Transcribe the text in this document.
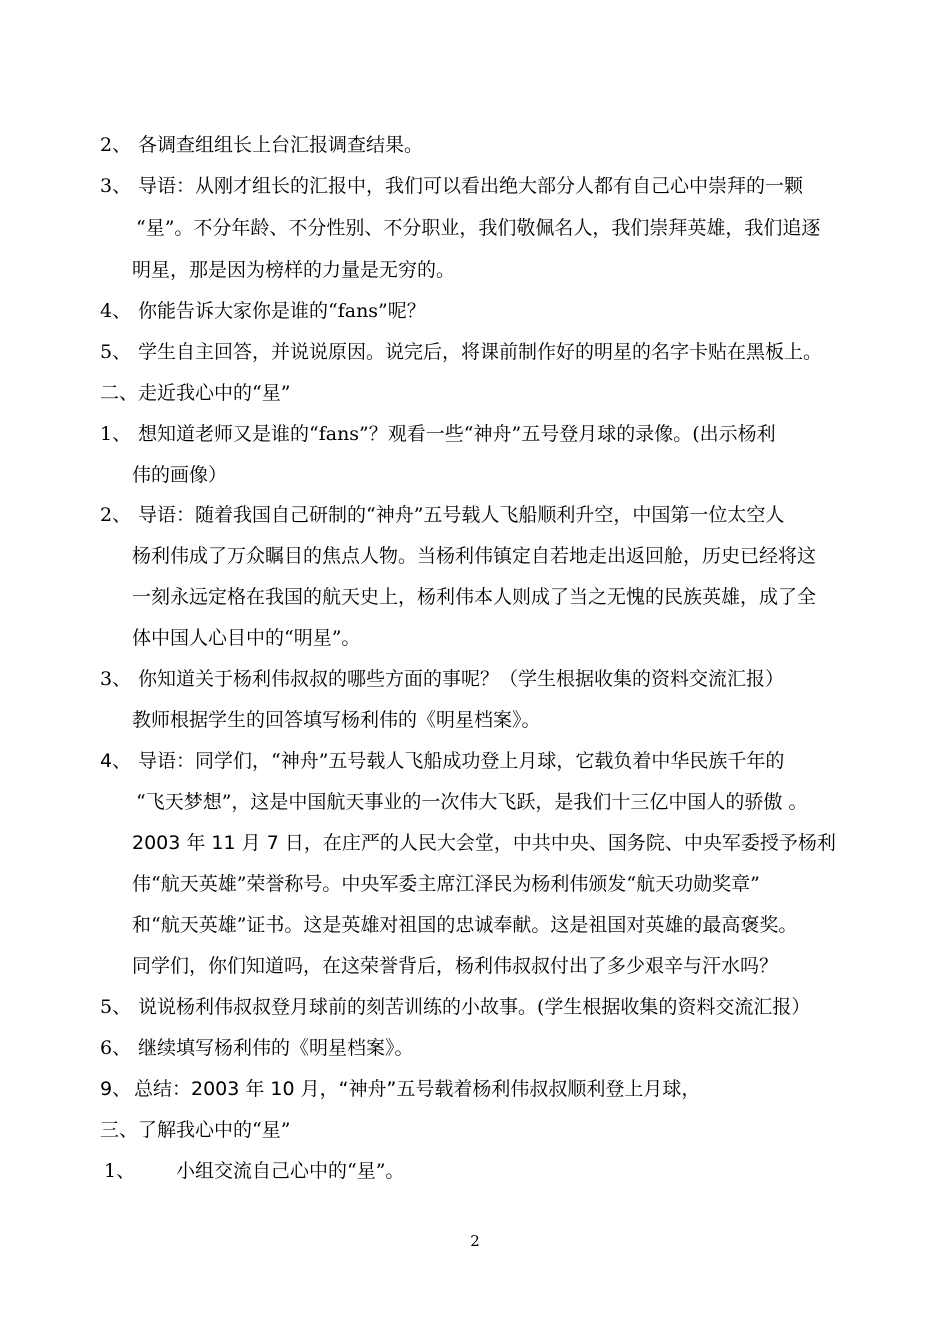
2、 各调查组组长上台汇报调查结果。
3、 导语：从刚才组长的汇报中，我们可以看出绝大部分人都有自己心中崇拜的一颗
“星”。不分年龄、不分性别、不分职业，我们敬佩名人，我们崇拜英雄，我们追逐
明星，那是因为榜样的力量是无穷的。
4、 你能告诉大家你是谁的“fans”呢？
5、 学生自主回答，并说说原因。说完后，将课前制作好的明星的名字卡贴在黑板上。
二、走近我心中的“星”
1、 想知道老师又是谁的“fans”？观看一些“神舟”五号登月球的录像。(出示杨利
伟的画像）
2、 导语：随着我国自己研制的“神舟”五号载人飞船顺利升空，中国第一位太空人
杨利伟成了万众瞩目的焦点人物。当杨利伟镇定自若地走出返回舱，历史已经将这
一刻永远定格在我国的航天史上，杨利伟本人则成了当之无愧的民族英雄，成了全
体中国人心目中的“明星”。
3、 你知道关于杨利伟叔叔的哪些方面的事呢？（学生根据收集的资料交流汇报）
教师根据学生的回答填写杨利伟的《明星档案》。
4、 导语：同学们，“神舟”五号载人飞船成功登上月球，它载负着中华民族千年的
“飞天梦想”，这是中国航天事业的一次伟大飞跃，是我们十三亿中国人的骄傲 。
2003 年 11 月 7 日，在庄严的人民大会堂，中共中央、国务院、中央军委授予杨利
伟“航天英雄”荣誉称号。中央军委主席江泽民为杨利伟颁发“航天功勋奖章”
和“航天英雄”证书。这是英雄对祖国的忠诚奉献。这是祖国对英雄的最高褒奖。
同学们，你们知道吗，在这荣誉背后，杨利伟叔叔付出了多少艰辛与汗水吗？
5、 说说杨利伟叔叔登月球前的刻苦训练的小故事。(学生根据收集的资料交流汇报）
6、 继续填写杨利伟的《明星档案》。
9、 总结：2003 年 10 月，“神舟”五号载着杨利伟叔叔顺利登上月球，
三、了解我心中的“星”
1、 小组交流自己心中的“星”。
2
